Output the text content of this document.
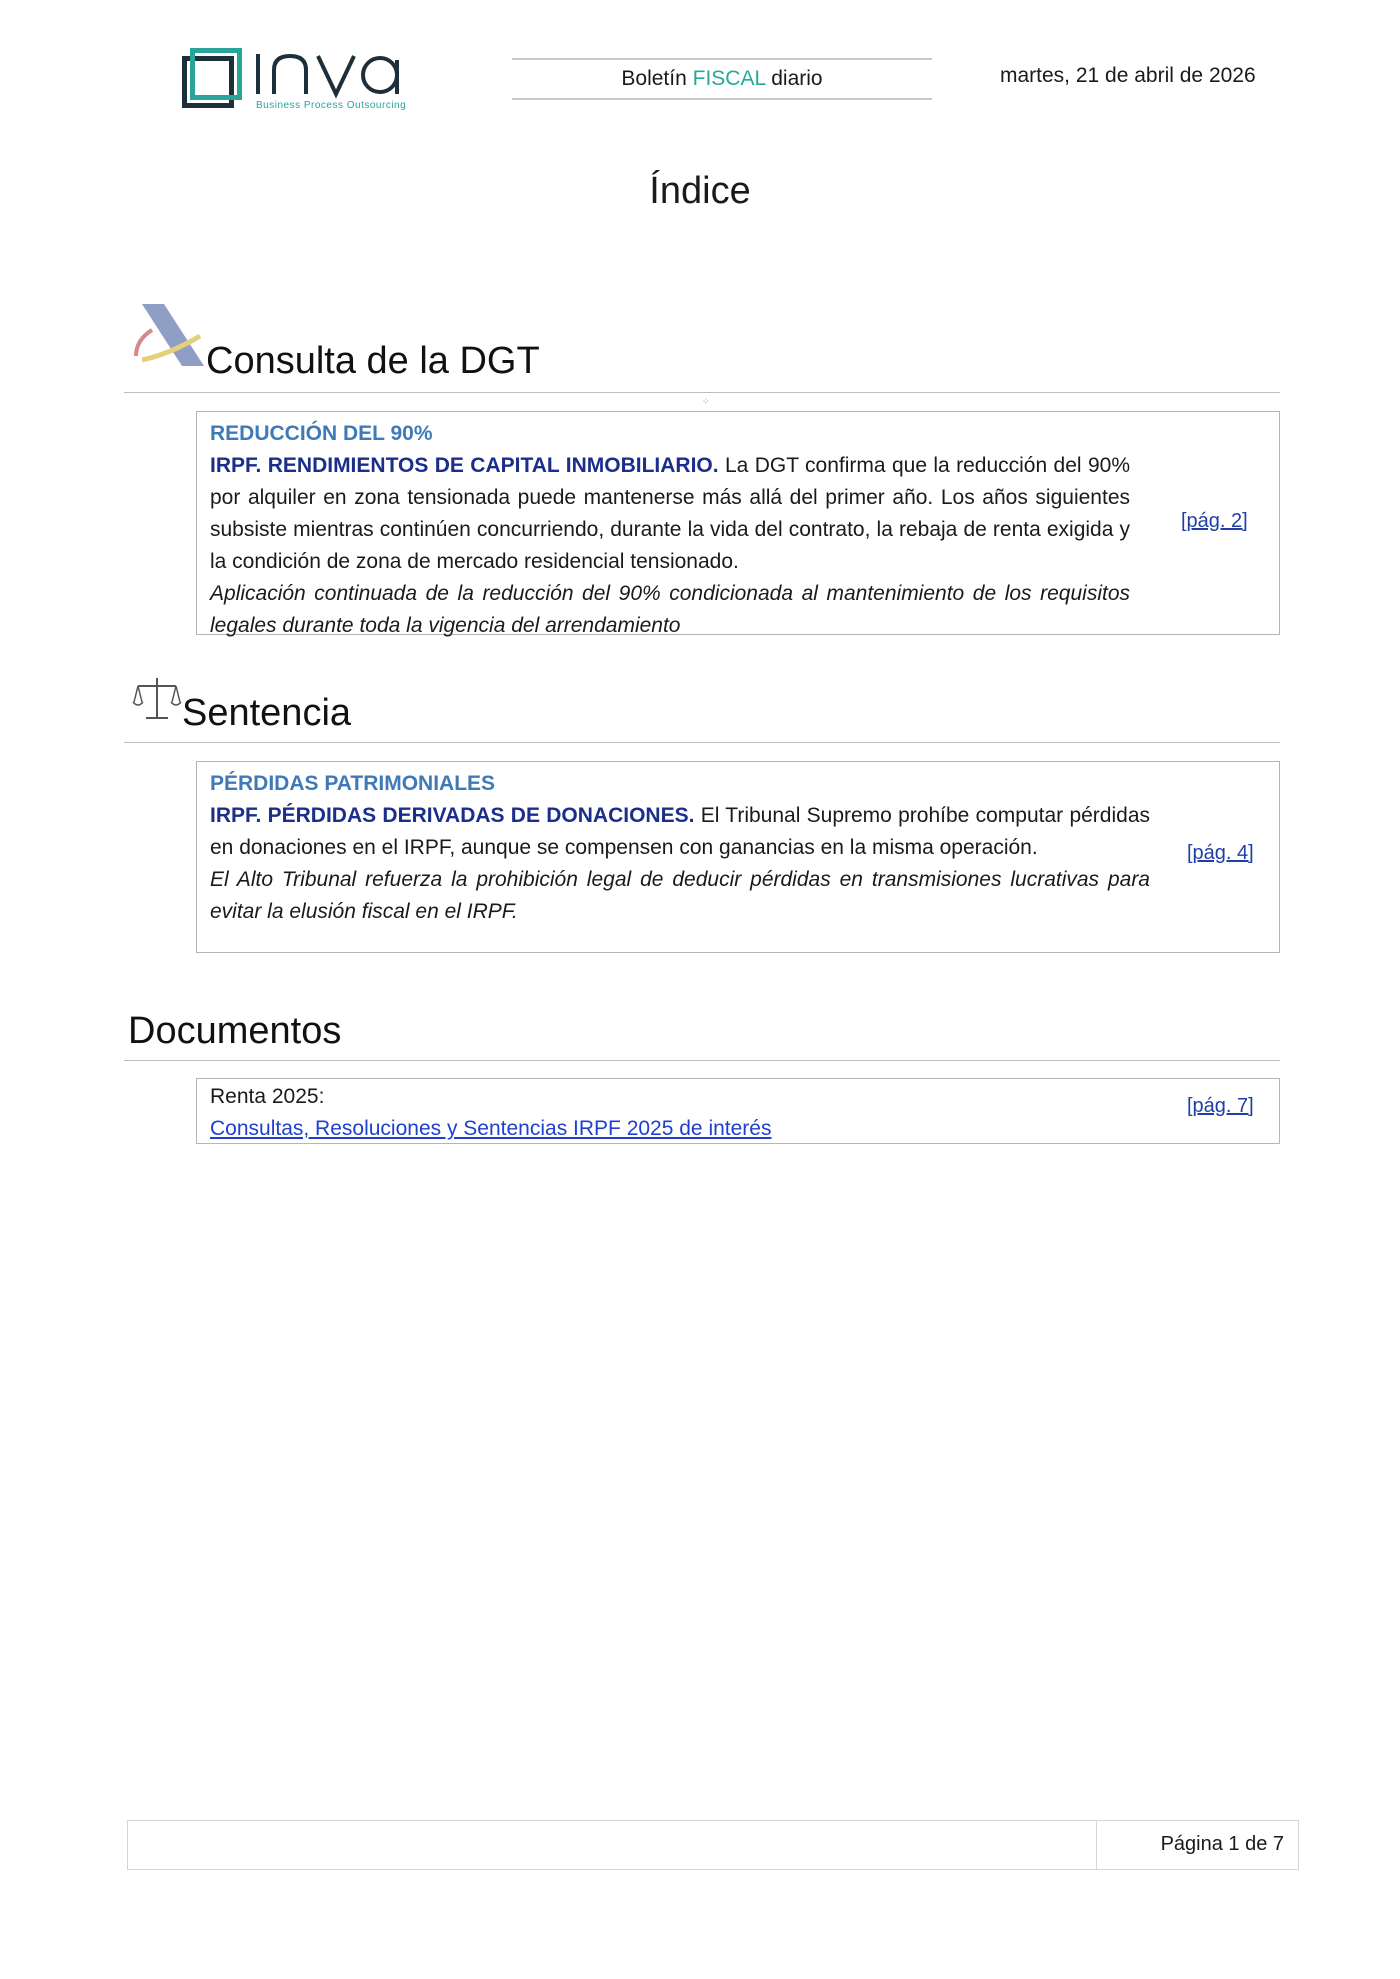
Business Process Outsourcing
Boletín FISCAL diario	martes, 21 de abril de 2026
Índice
Consulta de la DGT
⁘
REDUCCIÓN DEL 90%
IRPF. RENDIMIENTOS DE CAPITAL INMOBILIARIO. La DGT confirma que la reducción del 90% por alquiler en zona tensionada puede mantenerse más allá del primer año. Los años siguientes subsiste mientras continúen concurriendo, durante la vida del contrato, la rebaja de renta exigida y la condición de zona de mercado residencial tensionado.
Aplicación continuada de la reducción del 90% condicionada al mantenimiento de los requisitos legales durante toda la vigencia del arrendamiento
[pág. 2]
Sentencia
PÉRDIDAS PATRIMONIALES
IRPF. PÉRDIDAS DERIVADAS DE DONACIONES. El Tribunal Supremo prohíbe computar pérdidas en donaciones en el IRPF, aunque se compensen con ganancias en la misma operación.
El Alto Tribunal refuerza la prohibición legal de deducir pérdidas en transmisiones lucrativas para evitar la elusión fiscal en el IRPF.
[pág. 4]
Documentos
Renta 2025:
Consultas, Resoluciones y Sentencias IRPF 2025 de interés
[pág. 7]
Página 1 de 7
